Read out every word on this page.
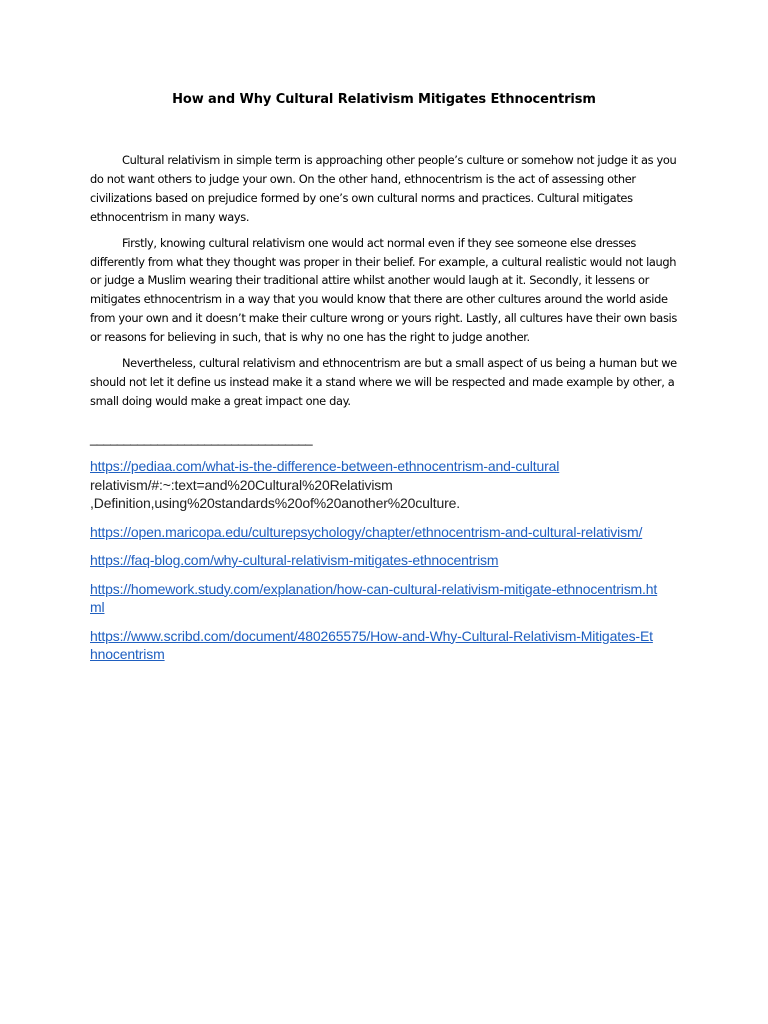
How and Why Cultural Relativism Mitigates Ethnocentrism

Cultural relativism in simple term is approaching other people’s culture or somehow not judge it as you do not want others to judge your own. On the other hand, ethnocentrism is the act of assessing other civilizations based on prejudice formed by one’s own cultural norms and practices. Cultural mitigates ethnocentrism in many ways.

Firstly, knowing cultural relativism one would act normal even if they see someone else dresses differently from what they thought was proper in their belief. For example, a cultural realistic would not laugh or judge a Muslim wearing their traditional attire whilst another would laugh at it. Secondly, it lessens or mitigates ethnocentrism in a way that you would know that there are other cultures around the world aside from your own and it doesn’t make their culture wrong or yours right. Lastly, all cultures have their own basis or reasons for believing in such, that is why no one has the right to judge another.

Nevertheless, cultural relativism and ethnocentrism are but a small aspect of us being a human but we should not let it define us instead make it a stand where we will be respected and made example by other, a small doing would make a great impact one day.

_________________________________
https://pediaa.com/what-is-the-difference-between-ethnocentrism-and-cultural
relativism/#:~:text=and%20Cultural%20Relativism
,Definition,using%20standards%20of%20another%20culture.
https://open.maricopa.edu/culturepsychology/chapter/ethnocentrism-and-cultural-relativism/
https://faq-blog.com/why-cultural-relativism-mitigates-ethnocentrism
https://homework.study.com/explanation/how-can-cultural-relativism-mitigate-ethnocentrism.html
https://www.scribd.com/document/480265575/How-and-Why-Cultural-Relativism-Mitigates-Ethnocentrism
